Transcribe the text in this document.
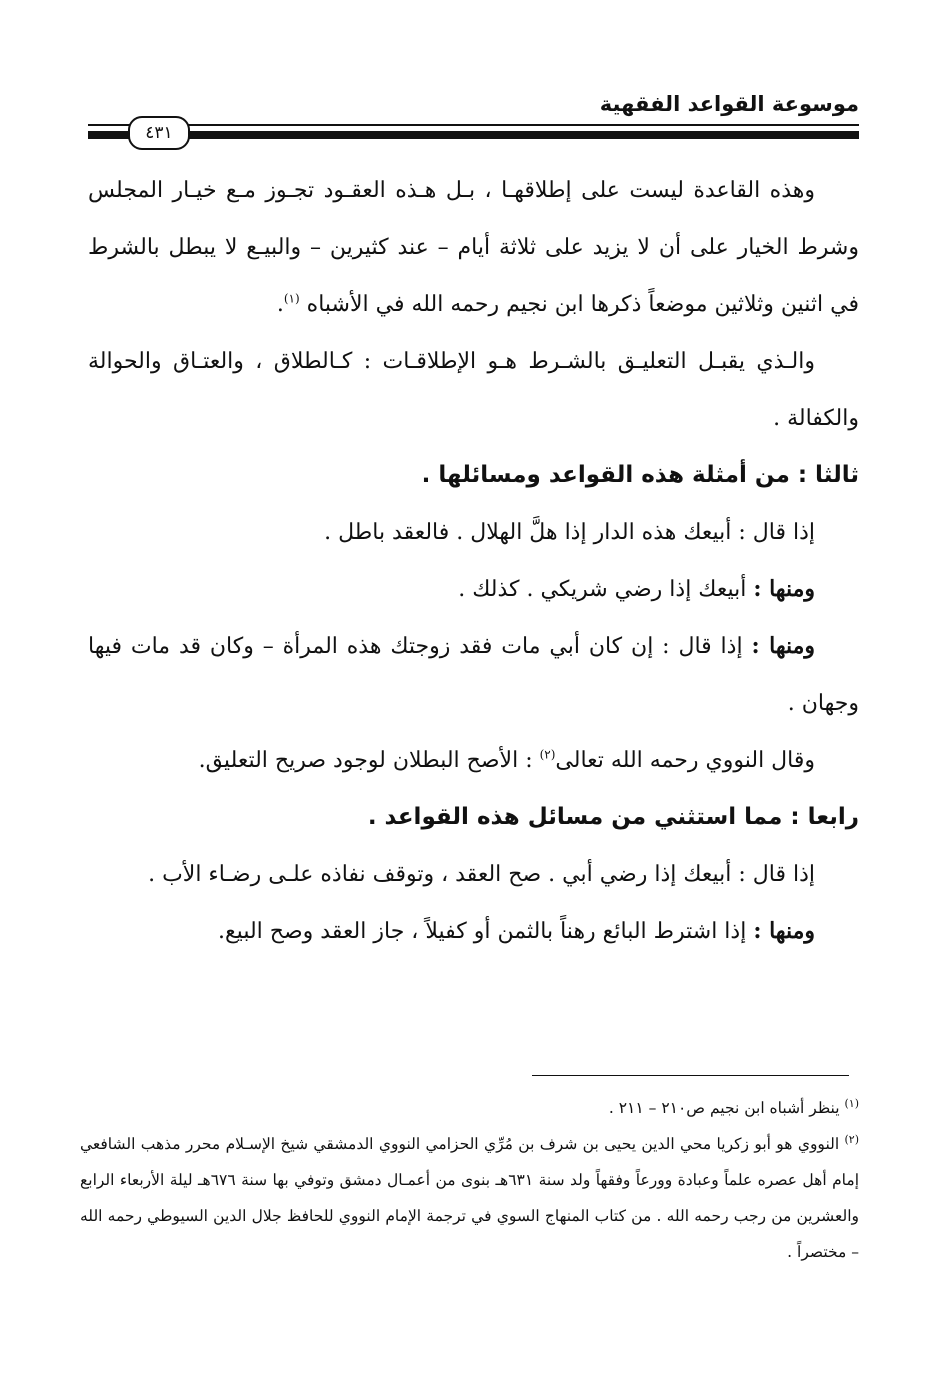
موسوعة القواعد الفقهية
٤٣١

وهذه القاعدة ليست على إطلاقهـا ، بـل هـذه العقـود تجـوز مـع خيـار المجلس وشرط الخيار على أن لا يزيد على ثلاثة أيام – عند كثيرين – والبيـع لا يبطل بالشرط في اثنين وثلاثين موضعاً ذكرها ابن نجيم رحمه الله في الأشباه $^{(١)}$.

والـذي يقبـل التعليـق بالشـرط هـو الإطلاقـات : كـالطلاق ، والعتـاق والحوالة والكفالة .

ثالثا : من أمثلة هذه القواعد ومسائلها .

إذا قال : أبيعك هذه الدار إذا هلَّ الهلال . فالعقد باطل .

ومنها : أبيعك إذا رضي شريكي . كذلك .

ومنها : إذا قال : إن كان أبي مات فقد زوجتك هذه المرأة – وكان قد مات فيها وجهان .

وقال النووي رحمه الله تعالى$^{(٢)}$ : الأصح البطلان لوجود صريح التعليق.

رابعا : مما استثني من مسائل هذه القواعد .

إذا قال : أبيعك إذا رضي أبي . صح العقد ، وتوقف نفاذه علـى رضـاء الأب .

ومنها : إذا اشترط البائع رهناً بالثمن أو كفيلاً ، جاز العقد وصح البيع.

$^{(١)}$ ينظر أشباه ابن نجيم ص٢١٠ – ٢١١ .

$^{(٢)}$ النووي هو أبو زكريا محي الدين يحيى بن شرف بن مُرِّي الحزامي النووي الدمشقي شيخ الإسـلام محرر مذهب الشافعي إمام أهل عصره علماً وعبادة وورعاً وفقهاً ولد سنة ٦٣١هـ بنوى من أعمـال دمشق وتوفي بها سنة ٦٧٦هـ ليلة الأربعاء الرابع والعشرين من رجب رحمه الله . من كتاب المنهاج السوي في ترجمة الإمام النووي للحافظ جلال الدين السيوطي رحمه الله – مختصراً .
